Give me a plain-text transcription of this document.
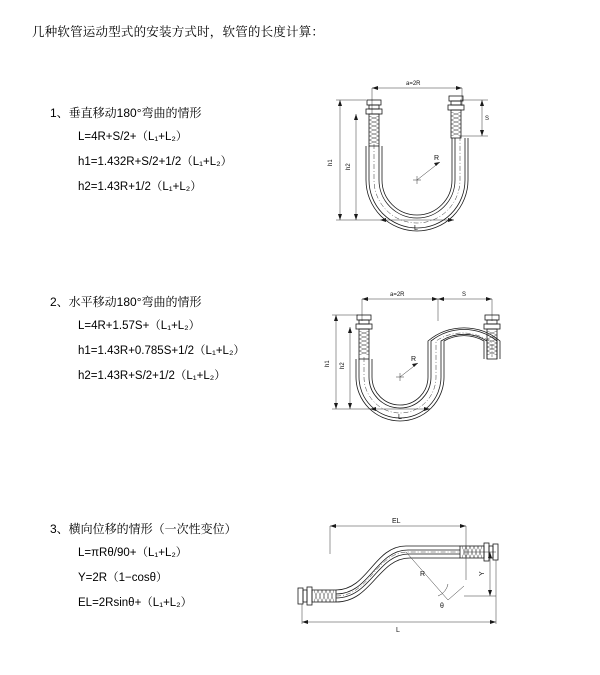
几种软管运动型式的安装方式时，软管的长度计算：
1、垂直移动180°弯曲的情形
L=4R+S/2+（L₁+L₂）
h1=1.432R+S/2+1/2（L₁+L₂）
h2=1.43R+1/2（L₁+L₂）
a=2R
S
h1
h2
R
L
2、水平移动180°弯曲的情形
L=4R+1.57S+（L₁+L₂）
h1=1.43R+0.785S+1/2（L₁+L₂）
h2=1.43R+S/2+1/2（L₁+L₂）
a=2R	S
h1 h2
R
L
3、横向位移的情形（一次性变位）
L=πRθ/90+（L₁+L₂）
Y=2R（1−cosθ）
EL=2Rsinθ+（L₁+L₂）
EL
Y
θ
R
L
